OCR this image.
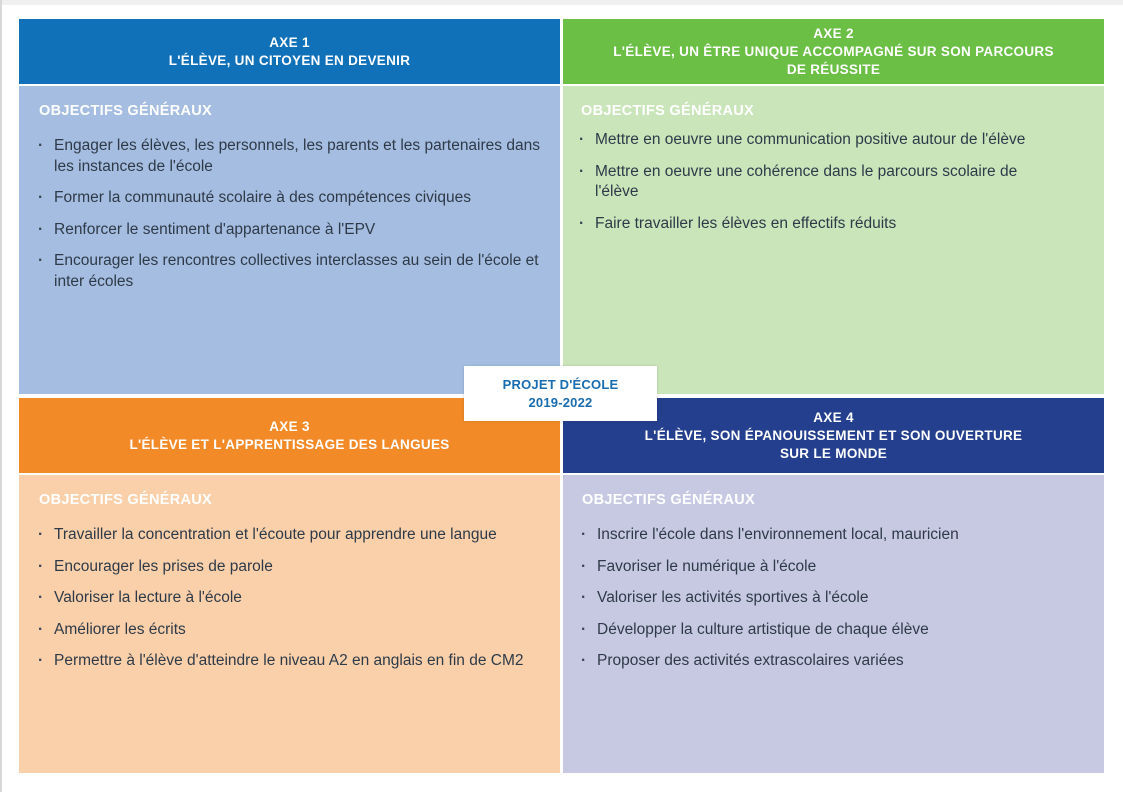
AXE 1
L'ÉLÈVE, UN CITOYEN EN DEVENIR
OBJECTIFS GÉNÉRAUX
· Engager les élèves, les personnels, les parents et les partenaires dans les instances de l'école
· Former la communauté scolaire à des compétences civiques
· Renforcer le sentiment d'appartenance à l'EPV
· Encourager les rencontres collectives interclasses au sein de l'école et inter écoles
AXE 2
L'ÉLÈVE, UN ÊTRE UNIQUE ACCOMPAGNÉ SUR SON PARCOURS
DE RÉUSSITE
OBJECTIFS GÉNÉRAUX
· Mettre en oeuvre une communication positive autour de l'élève
· Mettre en oeuvre une cohérence dans le parcours scolaire de l'élève
· Faire travailler les élèves en effectifs réduits
AXE 3
L'ÉLÈVE ET L'APPRENTISSAGE DES LANGUES
OBJECTIFS GÉNÉRAUX
· Travailler la concentration et l'écoute pour apprendre une langue
· Encourager les prises de parole
· Valoriser la lecture à l'école
· Améliorer les écrits
· Permettre à l'élève d'atteindre le niveau A2 en anglais en fin de CM2
AXE 4
L'ÉLÈVE, SON ÉPANOUISSEMENT ET SON OUVERTURE
SUR LE MONDE
OBJECTIFS GÉNÉRAUX
· Inscrire l'école dans l'environnement local, mauricien
· Favoriser le numérique à l'école
· Valoriser les activités sportives à l'école
· Développer la culture artistique de chaque élève
· Proposer des activités extrascolaires variées
PROJET D'ÉCOLE
2019-2022
